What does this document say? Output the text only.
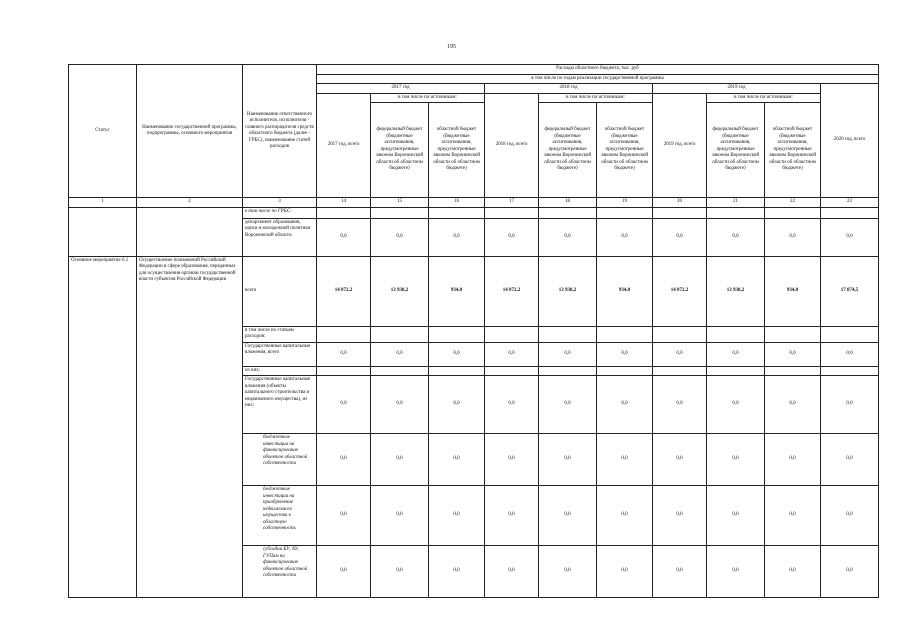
195
Статус	Наименование государственной программы, подпрограммы, основного мероприятия	Наименование ответственного исполнителя, исполнителя - главного распорядителя средств областного бюджета (далее - ГРБС), наименование статей расходов	Расходы областного бюджета, тыс. руб									
			в том числе по годам реализации государственной программы									
			2017 год			2018 год			2019 год			2020 год, всего
			2017 год, всего	в том числе по источникам:		2018 год, всего	в том числе по источникам:		2019 год, всего	в том числе по источникам:		
				федеральный бюджет (бюджетные ассигнования, предусмотренные законом Воронежской области об областном бюджете)	областной бюджет (бюджетные ассигнования, предусмотренные законом Воронежской области об областном бюджете)		федеральный бюджет (бюджетные ассигнования, предусмотренные законом Воронежской области об областном бюджете)	областной бюджет (бюджетные ассигнования, предусмотренные законом Воронежской области об областном бюджете)		федеральный бюджет (бюджетные ассигнования, предусмотренные законом Воронежской области об областном бюджете)	областной бюджет (бюджетные ассигнования, предусмотренные законом Воронежской области об областном бюджете)	
1	2	3	14	15	16	17	18	19	20	21	22	23
		в том числе по ГРБС:										
		департамент образования, науки и молодежной политики Воронежской области	0,0	0,0	0,0	0,0	0,0	0,0	0,0	0,0	0,0	0,0
Основное мероприятие 6.1	Осуществление полномочий Российской Федерации в сфере образования, переданных для осуществления органам государственной власти субъектов Российской Федерации	всего	14 872,2	13 938,2	934,0	14 872,2	13 938,2	934,0	14 872,2	13 938,2	934,0	17 874,5
		в том числе по статьям расходов:										
		Государственные капитальные вложения, всего	0,0	0,0	0,0	0,0	0,0	0,0	0,0	0,0	0,0	0,0
		из них:										
		Государственные капитальные вложения (объекты капитального строительства и недвижимого имущества), из них:	0,0	0,0	0,0	0,0	0,0	0,0	0,0	0,0	0,0	0,0
		бюджетные инвестиции на финансирование объектов областной собственности	0,0	0,0	0,0	0,0	0,0	0,0	0,0	0,0	0,0	0,0
		бюджетные инвестиции на приобретение недвижимого имущества в областную собственность	0,0	0,0	0,0	0,0	0,0	0,0	0,0	0,0	0,0	0,0
		субсидии БУ, АУ, ГУПам на финансирование объектов областной собственности	0,0	0,0	0,0	0,0	0,0	0,0	0,0	0,0	0,0	0,0
